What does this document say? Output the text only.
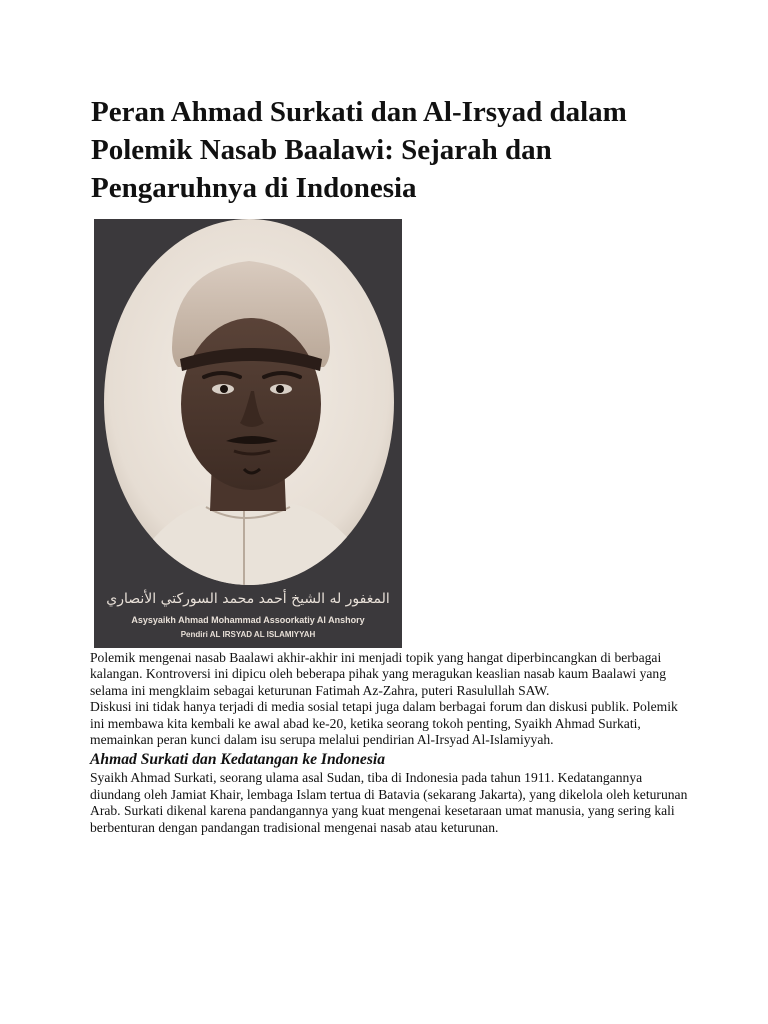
Peran Ahmad Surkati dan Al-Irsyad dalam Polemik Nasab Baalawi: Sejarah dan Pengaruhnya di Indonesia
المغفور له الشيخ أحمد محمد السوركتي الأنصاري
Asysyaikh Ahmad Mohammad Assoorkatiy Al Anshory
Pendiri AL IRSYAD AL ISLAMIYYAH

Polemik mengenai nasab Baalawi akhir-akhir ini menjadi topik yang hangat diperbincangkan di berbagai kalangan. Kontroversi ini dipicu oleh beberapa pihak yang meragukan keaslian nasab kaum Baalawi yang selama ini mengklaim sebagai keturunan Fatimah Az-Zahra, puteri Rasulullah SAW.

Diskusi ini tidak hanya terjadi di media sosial tetapi juga dalam berbagai forum dan diskusi publik. Polemik ini membawa kita kembali ke awal abad ke-20, ketika seorang tokoh penting, Syaikh Ahmad Surkati, memainkan peran kunci dalam isu serupa melalui pendirian Al-Irsyad Al-Islamiyyah.

Ahmad Surkati dan Kedatangan ke Indonesia

Syaikh Ahmad Surkati, seorang ulama asal Sudan, tiba di Indonesia pada tahun 1911. Kedatangannya diundang oleh Jamiat Khair, lembaga Islam tertua di Batavia (sekarang Jakarta), yang dikelola oleh keturunan Arab. Surkati dikenal karena pandangannya yang kuat mengenai kesetaraan umat manusia, yang sering kali berbenturan dengan pandangan tradisional mengenai nasab atau keturunan.
